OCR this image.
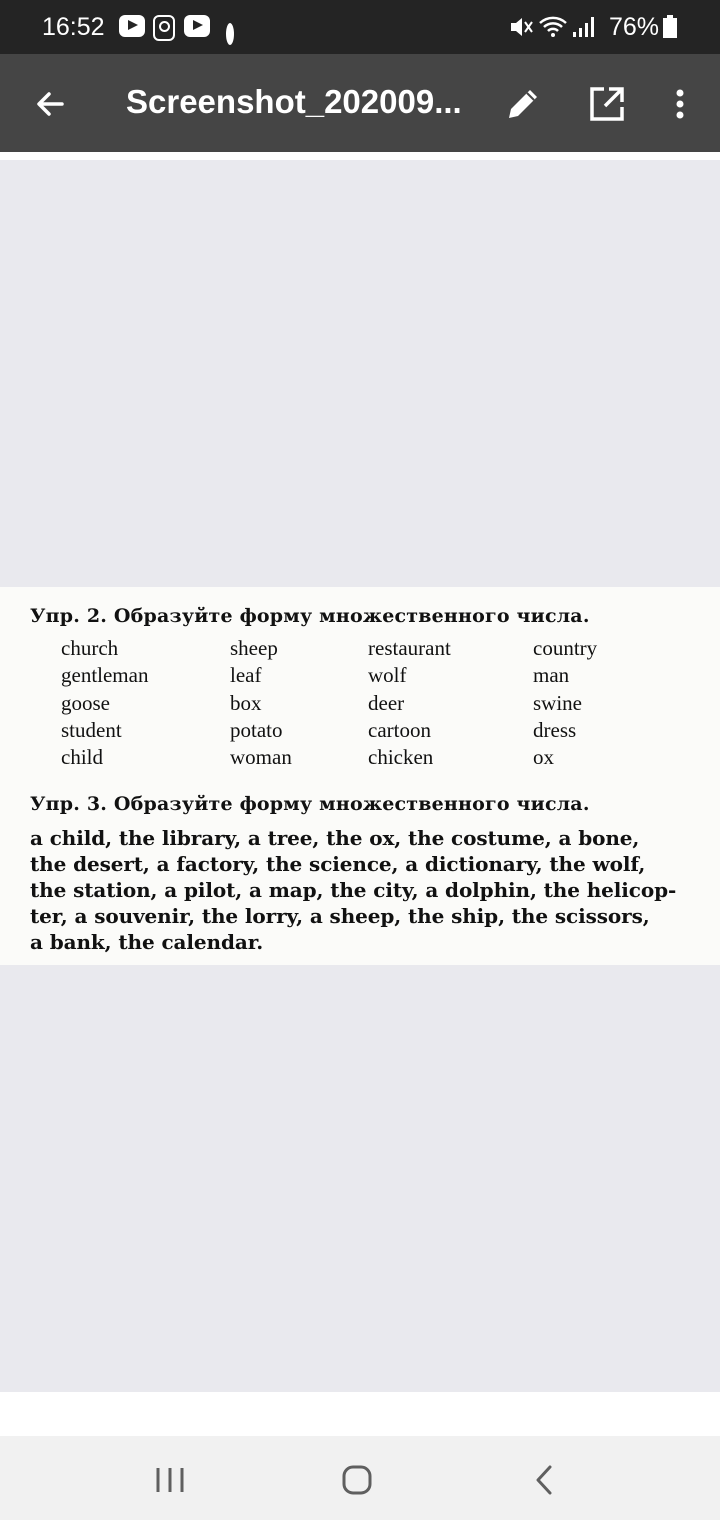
16:52	76%
Screenshot_202009...
Упр. 2. Образуйте форму множественного числа.
church
gentleman
goose
student
child
sheep
leaf
box
potato
woman
restaurant
wolf
deer
cartoon
chicken
country
man
swine
dress
ox
Упр. 3. Образуйте форму множественного числа.
a child, the library, a tree, the ox, the costume, a bone,
the desert, a factory, the science, a dictionary, the wolf,
the station, a pilot, a map, the city, a dolphin, the helicop-
ter, a souvenir, the lorry, a sheep, the ship, the scissors,
a bank, the calendar.
